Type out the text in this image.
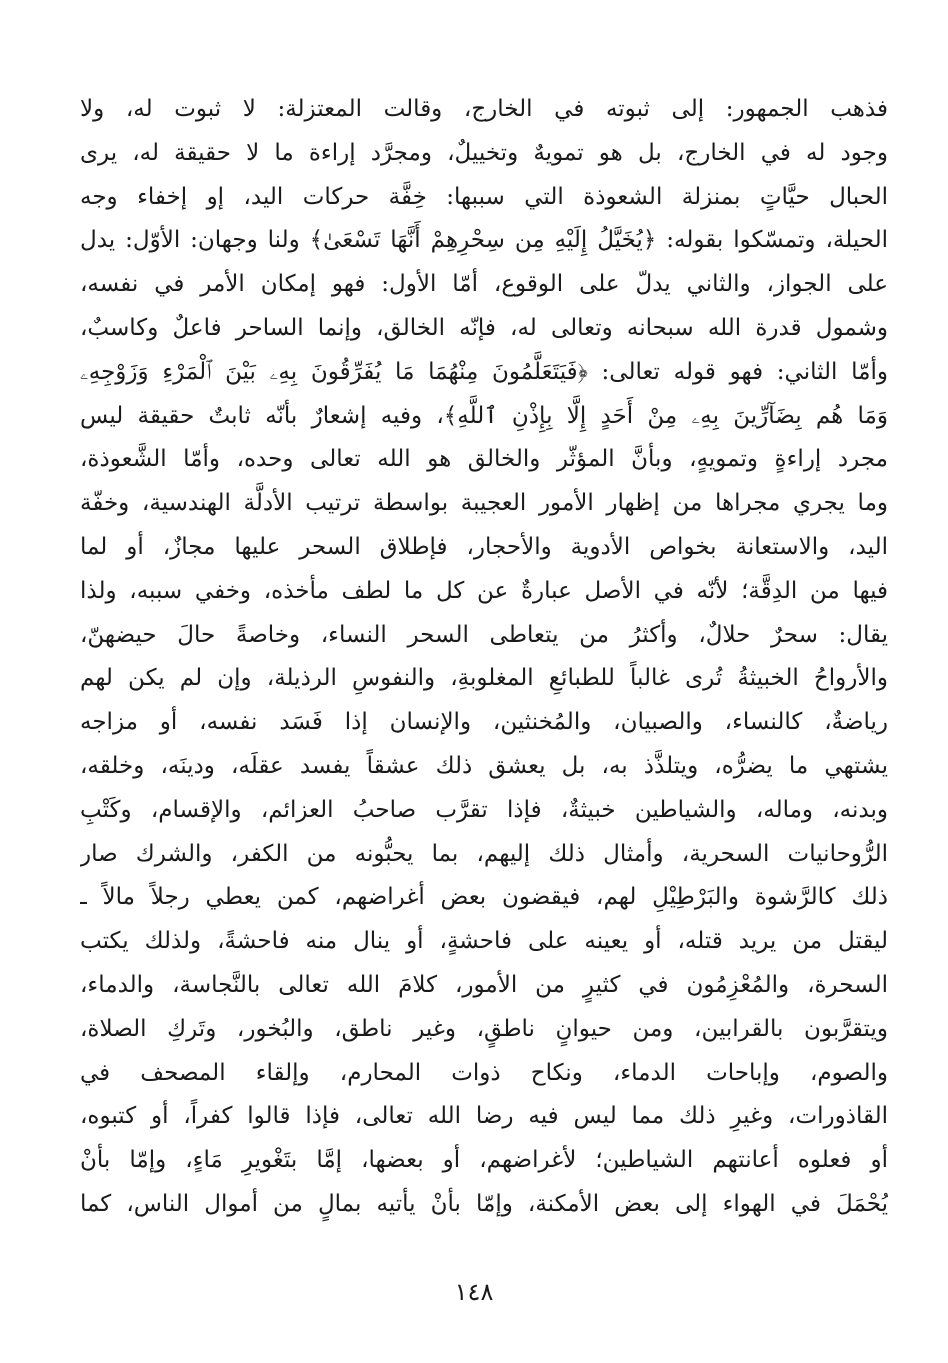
فذهب الجمهور: إلى ثبوته في الخارج، وقالت المعتزلة: لا ثبوت له، ولا
وجود له في الخارج، بل هو تمويهٌ وتخييلٌ، ومجرَّد إراءة ما لا حقيقة له، يرى
الحبال حيَّاتٍ بمنزلة الشعوذة التي سببها: خِفَّة حركات اليد، إو إخفاء وجه
الحيلة، وتمسّكوا بقوله: ﴿يُخَيَّلُ إِلَيْهِ مِن سِحْرِهِمْ أَنَّهَا تَسْعَىٰ﴾ ولنا وجهان: الأوّل: يدل
على الجواز، والثاني يدلّ على الوقوع، أمّا الأول: فهو إمكان الأمر في نفسه،
وشمول قدرة الله سبحانه وتعالى له، فإنّه الخالق، وإنما الساحر فاعلٌ وكاسبٌ،
وأمّا الثاني: فهو قوله تعالى: ﴿فَيَتَعَلَّمُونَ مِنْهُمَا مَا يُفَرِّقُونَ بِهِۦ بَيْنَ ٱلْمَرْءِ وَزَوْجِهِۦ
وَمَا هُم بِضَآرِّينَ بِهِۦ مِنْ أَحَدٍ إِلَّا بِإِذْنِ ٱللَّهِ﴾، وفيه إشعارٌ بأنّه ثابتٌ حقيقة ليس
مجرد إراءةٍ وتمويهٍ، وبأنَّ المؤثّر والخالق هو الله تعالى وحده، وأمّا الشَّعوذة،
وما يجري مجراها من إظهار الأمور العجيبة بواسطة ترتيب الأدلَّة الهندسية، وخفّة
اليد، والاستعانة بخواص الأدوية والأحجار، فإطلاق السحر عليها مجازٌ، أو لما
فيها من الدِقَّة؛ لأنّه في الأصل عبارةٌ عن كل ما لطف مأخذه، وخفي سببه، ولذا
يقال: سحرٌ حلالٌ، وأكثرُ من يتعاطى السحر النساء، وخاصةً حالَ حيضهنّ،
والأرواحُ الخبيثةُ تُرى غالباً للطبائعِ المغلوبةِ، والنفوسِ الرذيلة، وإن لم يكن لهم
رياضةٌ، كالنساء، والصبيان، والمُخنثين، والإنسان إذا فَسَد نفسه، أو مزاجه
يشتهي ما يضرُّه، ويتلذَّذ به، بل يعشق ذلك عشقاً يفسد عقلَه، ودينَه، وخلقه،
وبدنه، وماله، والشياطين خبيثةٌ، فإذا تقرَّب صاحبُ العزائم، والإقسام، وكَتْبِ
الرُّوحانيات السحرية، وأمثال ذلك إليهم، بما يحبُّونه من الكفر، والشرك صار
ذلك كالرَّشوة والبَرْطِيْلِ لهم، فيقضون بعض أغراضهم، كمن يعطي رجلاً مالاً ـ
ليقتل من يريد قتله، أو يعينه على فاحشةٍ، أو ينال منه فاحشةً، ولذلك يكتب
السحرة، والمُعْزِمُون في كثيرٍ من الأمور، كلامَ الله تعالى بالنَّجاسة، والدماء،
ويتقرَّبون بالقرابين، ومن حيوانٍ ناطقٍ، وغير ناطق، والبُخور، وتَركِ الصلاة،
والصوم، وإباحات الدماء، ونكاح ذوات المحارم، وإلقاء المصحف في
القاذورات، وغيرِ ذلك مما ليس فيه رضا الله تعالى، فإذا قالوا كفراً، أو كتبوه،
أو فعلوه أعانتهم الشياطين؛ لأغراضهم، أو بعضها، إمَّا بتَغْويرِ مَاءٍ، وإمّا بأنْ
يُحْمَلَ في الهواء إلى بعض الأمكنة، وإمّا بأنْ يأتيه بمالٍ من أموال الناس، كما
١٤٨
